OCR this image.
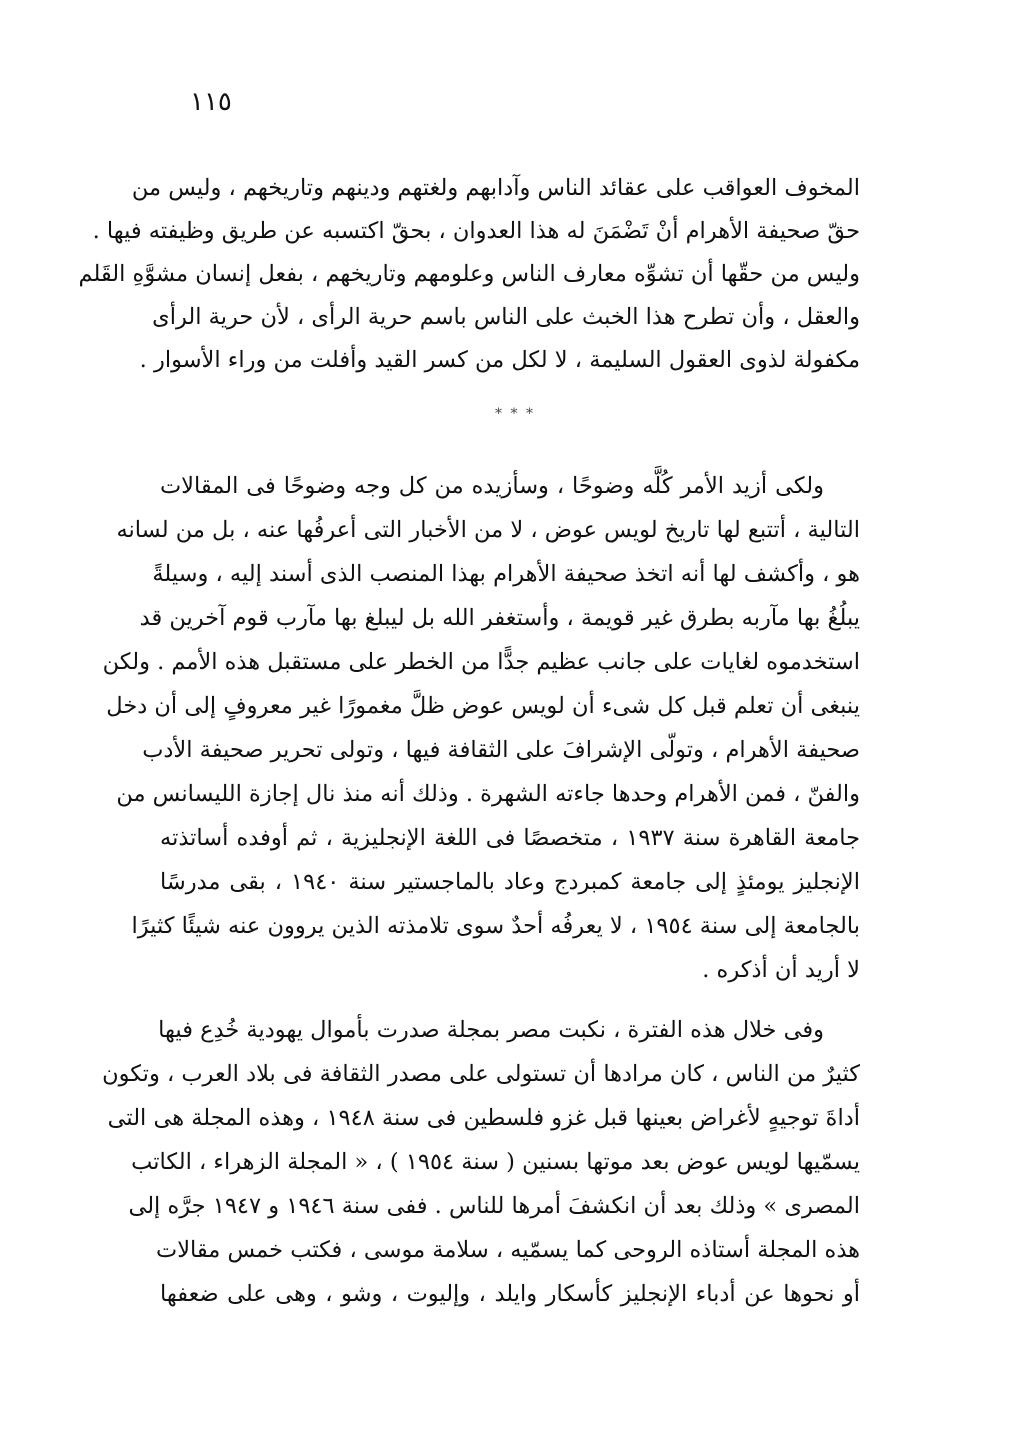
١١٥
المخوف العواقب على عقائد الناس وآدابهم ولغتهم ودينهم وتاريخهم ، وليس من
حقّ صحيفة الأهرام أنْ تَضْمَنَ له هذا العدوان ، بحقّ اكتسبه عن طريق وظيفته فيها .
وليس من حقّها أن تشوِّه معارف الناس وعلومهم وتاريخهم ، بفعل إنسان مشوَّهِ القَلم
والعقل ، وأن تطرح هذا الخبث على الناس باسم حرية الرأى ، لأن حرية الرأى
مكفولة لذوى العقول السليمة ، لا لكل من كسر القيد وأفلت من وراء الأسوار .
* * *
ولكى أزيد الأمر كُلَّه وضوحًا ، وسأزيده من كل وجه وضوحًا فى المقالات
التالية ، أتتبع لها تاريخ لويس عوض ، لا من الأخبار التى أعرفُها عنه ، بل من لسانه
هو ، وأكشف لها أنه اتخذ صحيفة الأهرام بهذا المنصب الذى أسند إليه ، وسيلةً
يبلُغُ بها مآربه بطرق غير قويمة ، وأستغفر الله بل ليبلغ بها مآرب قوم آخرين قد
استخدموه لغايات على جانب عظيم جدًّا من الخطر على مستقبل هذه الأمم . ولكن
ينبغى أن تعلم قبل كل شىء أن لويس عوض ظلَّ مغمورًا غير معروفٍ إلى أن دخل
صحيفة الأهرام ، وتولّى الإشرافَ على الثقافة فيها ، وتولى تحرير صحيفة الأدب
والفنّ ، فمن الأهرام وحدها جاءته الشهرة . وذلك أنه منذ نال إجازة الليسانس من
جامعة القاهرة سنة ١٩٣٧ ، متخصصًا فى اللغة الإنجليزية ، ثم أوفده أساتذته
الإنجليز يومئذٍ إلى جامعة كمبردج وعاد بالماجستير سنة ١٩٤٠ ، بقى مدرسًا
بالجامعة إلى سنة ١٩٥٤ ، لا يعرفُه أحدٌ سوى تلامذته الذين يروون عنه شيئًا كثيرًا
لا أريد أن أذكره .
وفى خلال هذه الفترة ، نكبت مصر بمجلة صدرت بأموال يهودية خُدِع فيها
كثيرٌ من الناس ، كان مرادها أن تستولى على مصدر الثقافة فى بلاد العرب ، وتكون
أداةَ توجيهٍ لأغراض بعينها قبل غزو فلسطين فى سنة ١٩٤٨ ، وهذه المجلة هى التى
يسمّيها لويس عوض بعد موتها بسنين ( سنة ١٩٥٤ ) ، « المجلة الزهراء ، الكاتب
المصرى » وذلك بعد أن انكشفَ أمرها للناس . ففى سنة ١٩٤٦ و ١٩٤٧ جرَّه إلى
هذه المجلة أستاذه الروحى كما يسمّيه ، سلامة موسى ، فكتب خمس مقالات
أو نحوها عن أدباء الإنجليز كأسكار وايلد ، وإليوت ، وشو ، وهى على ضعفها
